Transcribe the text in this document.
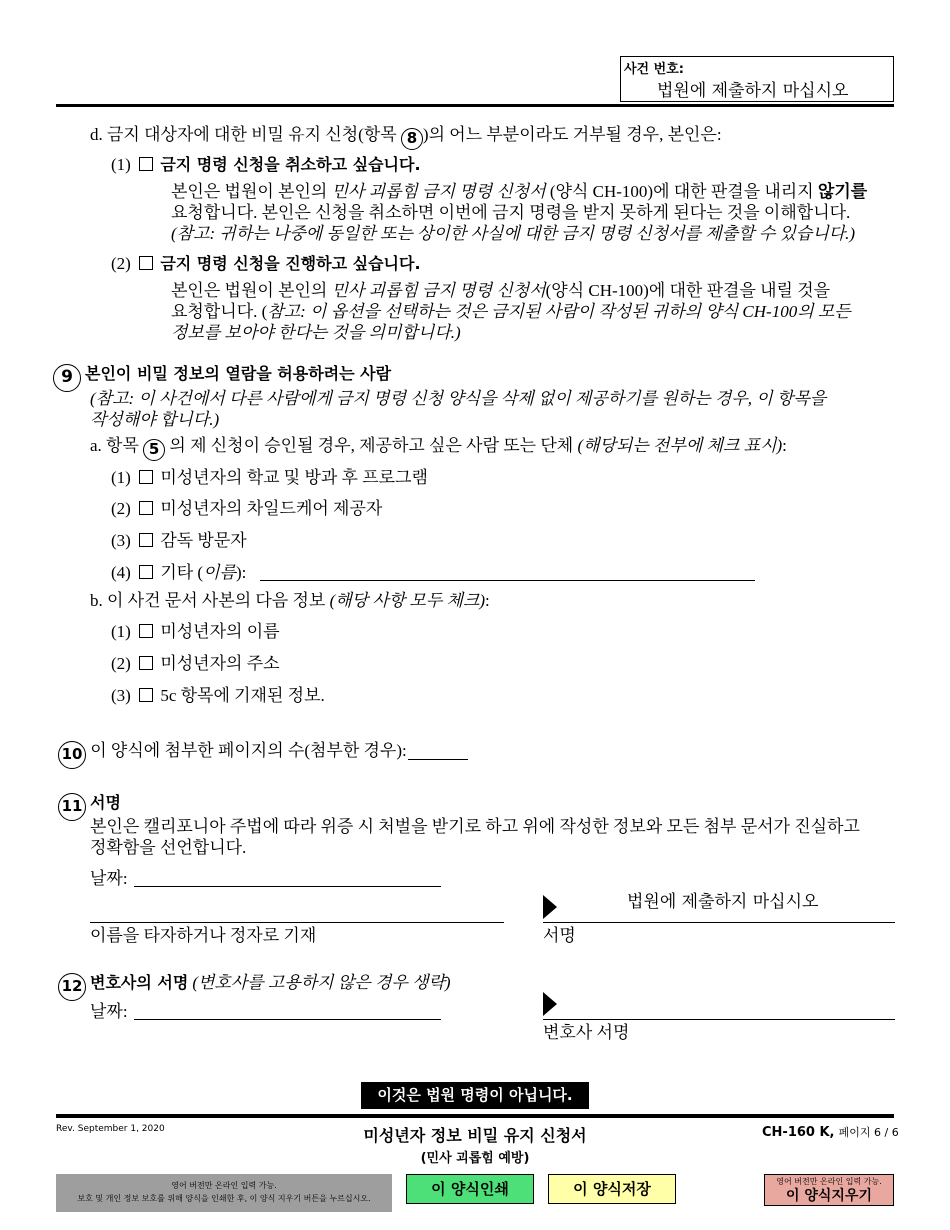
사건 번호:
법원에 제출하지 마십시오
d. 금지 대상자에 대한 비밀 유지 신청(항목 8 )의 어느 부분이라도 거부될 경우, 본인은:
(1) 금지 명령 신청을 취소하고 싶습니다.
본인은 법원이 본인의 민사 괴롭힘 금지 명령 신청서 (양식 CH-100)에 대한 판결을 내리지 않기를
요청합니다. 본인은 신청을 취소하면 이번에 금지 명령을 받지 못하게 된다는 것을 이해합니다.
(참고: 귀하는 나중에 동일한 또는 상이한 사실에 대한 금지 명령 신청서를 제출할 수 있습니다.)
(2) 금지 명령 신청을 진행하고 싶습니다.
본인은 법원이 본인의 민사 괴롭힘 금지 명령 신청서(양식 CH-100)에 대한 판결을 내릴 것을
요청합니다. (참고: 이 옵션을 선택하는 것은 금지된 사람이 작성된 귀하의 양식 CH-100의 모든
정보를 보아야 한다는 것을 의미합니다.)
9 본인이 비밀 정보의 열람을 허용하려는 사람
(참고: 이 사건에서 다른 사람에게 금지 명령 신청 양식을 삭제 없이 제공하기를 원하는 경우, 이 항목을
작성해야 합니다.)
a. 항목 5 의 제 신청이 승인될 경우, 제공하고 싶은 사람 또는 단체 (해당되는 전부에 체크 표시):
(1) 미성년자의 학교 및 방과 후 프로그램
(2) 미성년자의 차일드케어 제공자
(3) 감독 방문자
(4) 기타 (이름):
b. 이 사건 문서 사본의 다음 정보 (해당 사항 모두 체크):
(1) 미성년자의 이름
(2) 미성년자의 주소
(3) 5c 항목에 기재된 정보.
10 이 양식에 첨부한 페이지의 수(첨부한 경우):
11 서명
본인은 캘리포니아 주법에 따라 위증 시 처벌을 받기로 하고 위에 작성한 정보와 모든 첨부 문서가 진실하고
정확함을 선언합니다.
날짜:
이름을 타자하거나 정자로 기재
법원에 제출하지 마십시오
서명
12 변호사의 서명 (변호사를 고용하지 않은 경우 생략)
날짜:
변호사 서명
이것은 법원 명령이 아닙니다.
Rev. September 1, 2020	미성년자 정보 비밀 유지 신청서
(민사 괴롭힘 예방)
CH-160 K, 페이지 6 / 6
영어 버전만 온라인 입력 가능.
보호 및 개인 정보 보호를 위해 양식을 인쇄한 후, 이 양식 지우기 버튼을 누르십시오.
이 양식인쇄	이 양식저장	영어 버전만 온라인 입력 가능.
이 양식지우기
